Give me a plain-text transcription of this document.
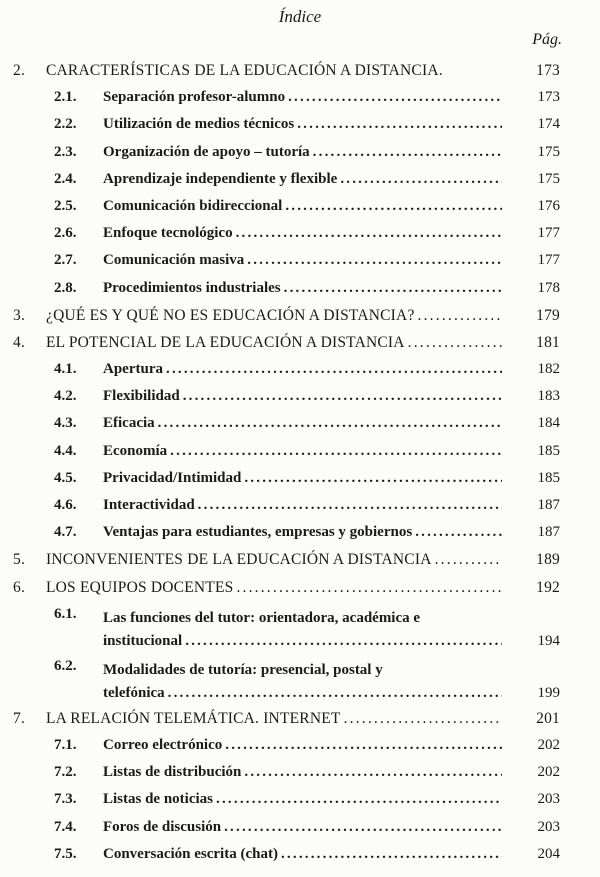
Índice
Pág.
2.	CARACTERÍSTICAS DE LA EDUCACIÓN A DISTANCIA.	173
2.1.	Separación profesor-alumno .....	173
2.2.	Utilización de medios técnicos .....	174
2.3.	Organización de apoyo – tutoría .....	175
2.4.	Aprendizaje independiente y flexible .....	175
2.5.	Comunicación bidireccional .....	176
2.6.	Enfoque tecnológico .....	177
2.7.	Comunicación masiva .....	177
2.8.	Procedimientos industriales .....	178
3.	¿QUÉ ES Y QUÉ NO ES EDUCACIÓN A DISTANCIA? .....	179
4.	EL POTENCIAL DE LA EDUCACIÓN A DISTANCIA .....	181
4.1.	Apertura .....	182
4.2.	Flexibilidad .....	183
4.3.	Eficacia .....	184
4.4.	Economía .....	185
4.5.	Privacidad/Intimidad .....	185
4.6.	Interactividad .....	187
4.7.	Ventajas para estudiantes, empresas y gobiernos .....	187
5.	INCONVENIENTES DE LA EDUCACIÓN A DISTANCIA .....	189
6.	LOS EQUIPOS DOCENTES .....	192
6.1.	Las funciones del tutor: orientadora, académica e
institucional .....	194
6.2.	Modalidades de tutoría: presencial, postal y
telefónica .....	199
7.	LA RELACIÓN TELEMÁTICA. INTERNET .....	201
7.1.	Correo electrónico .....	202
7.2.	Listas de distribución .....	202
7.3.	Listas de noticias .....	203
7.4.	Foros de discusión .....	203
7.5.	Conversación escrita (chat) .....	204
